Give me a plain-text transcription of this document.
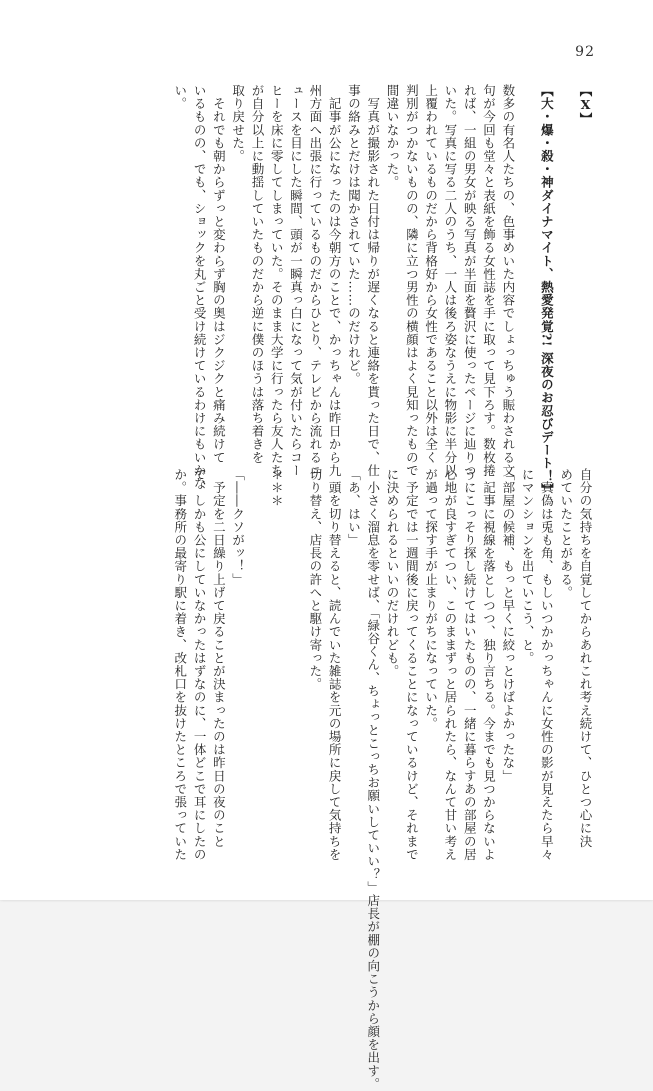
92
【Ⅹ】
【大・爆・殺・神ダイナマイト、熱愛発覚?! 深夜のお忍びデート！】
数多の有名人たちの、色事めいた内容でしょっちゅう賑わされる文
句が今回も堂々と表紙を飾る女性誌を手に取って見下ろす。数枚捲
れば、一組の男女が映る写真が半面を贅沢に使ったページに辿りつ
いた。写真に写る二人のうち、一人は後ろ姿なうえに物影に半分以
上覆われているものだから背格好から女性であること以外は全く
判別がつかないものの、隣に立つ男性の横顔はよく見知ったもので
間違いなかった。
　写真が撮影された日付は帰りが遅くなると連絡を貰った日で、仕
事の絡みとだけは聞かされていた……のだけれど。
　記事が公になったのは今朝方のことで、かっちゃんは昨日から九
州方面へ出張に行っているものだからひとり、テレビから流れるニ
ュースを目にした瞬間、頭が一瞬真っ白になって気が付いたらコー
ヒーを床に零してしまっていた。そのまま大学に行ったら友人たち
が自分以上に動揺していたものだから逆に僕のほうは落ち着きを
取り戻せた。
　それでも朝からずっと変わらず胸の奥はジクジクと痛み続けて
いるものの、でも、ショックを丸ごと受け続けているわけにもいかな
い。
自分の気持ちを自覚してからあれこれ考え続けて、ひとつ心に決
めていたことがある。
　真偽は兎も角、もしいつかかっちゃんに女性の影が見えたら早々
にマンションを出ていこう、と。
「部屋の候補、もっと早くに絞っとけばよかったな」
　記事に視線を落としつつ、独り言ちる。今までも見つからないよ
うにこっそり探し続けてはいたものの、一緒に暮らすあの部屋の居
心地が良すぎてつい、このままずっと居られたら、なんて甘い考え
が過って探す手が止まりがちになっていた。
　予定では一週間後に戻ってくることになっているけど、それまで
に決められるといいのだけれども。
　小さく溜息を零せば、「緑谷くん、ちょっとこっちお願いしていい？」店長が棚の向こうから顔を出す。
「あ、はい」
　頭を切り替えると、読んでいた雑誌を元の場所に戻して気持ちを
切り替え、店長の許へと駆け寄った。
＊＊＊
「――クソがッ！」
　予定を二日繰り上げて戻ることが決まったのは昨日の夜のこと
で、しかも公にしていなかったはずなのに、一体どこで耳にしたの
か。事務所の最寄り駅に着き、改札口を抜けたところで張っていた
